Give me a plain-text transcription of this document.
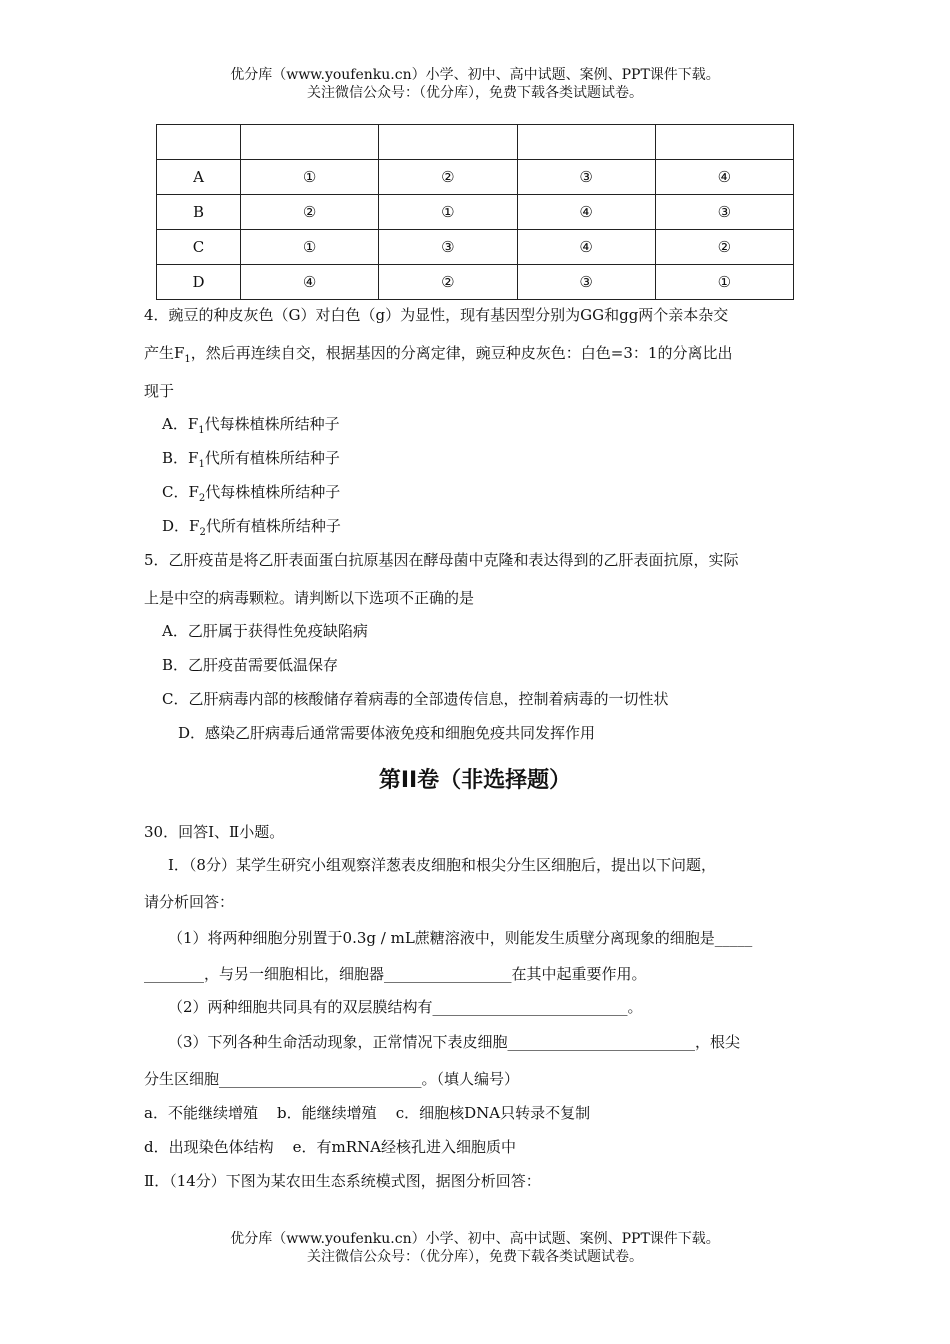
优分库（www.youfenku.cn）小学、初中、高中试题、案例、PPT课件下载。
关注微信公众号：（优分库），免费下载各类试题试卷。

A	①	②	③	④
B	②	①	④	③
C	①	③	④	②
D	④	②	③	①
4．豌豆的种皮灰色（G）对白色（g）为显性，现有基因型分别为GG和gg两个亲本杂交
产生$F_1$，然后再连续自交，根据基因的分离定律，豌豆种皮灰色：白色=3：1的分离比出
现于
A．$F_1$代每株植株所结种子
B．$F_1$代所有植株所结种子
C．$F_2$代每株植株所结种子
D．$F_2$代所有植株所结种子
5．乙肝疫苗是将乙肝表面蛋白抗原基因在酵母菌中克隆和表达得到的乙肝表面抗原，实际
上是中空的病毒颗粒。请判断以下选项不正确的是
A．乙肝属于获得性免疫缺陷病
B．乙肝疫苗需要低温保存
C．乙肝病毒内部的核酸储存着病毒的全部遗传信息，控制着病毒的一切性状
D．感染乙肝病毒后通常需要体液免疫和细胞免疫共同发挥作用
第II卷（非选择题）
30．回答Ⅰ、Ⅱ小题。
Ⅰ．（8分）某学生研究小组观察洋葱表皮细胞和根尖分生区细胞后，提出以下问题，
请分析回答：
（1）将两种细胞分别置于0.3g / mL蔗糖溶液中，则能发生质壁分离现象的细胞是_____
________，与另一细胞相比，细胞器_________________在其中起重要作用。
（2）两种细胞共同具有的双层膜结构有__________________________。
（3）下列各种生命活动现象，正常情况下表皮细胞_________________________，根尖
分生区细胞___________________________。（填人编号）
a．不能继续增殖    b．能继续增殖    c．细胞核DNA只转录不复制
d．出现染色体结构    e．有mRNA经核孔进入细胞质中
Ⅱ．（14分）下图为某农田生态系统模式图，据图分析回答：
优分库（www.youfenku.cn）小学、初中、高中试题、案例、PPT课件下载。
关注微信公众号：（优分库），免费下载各类试题试卷。
